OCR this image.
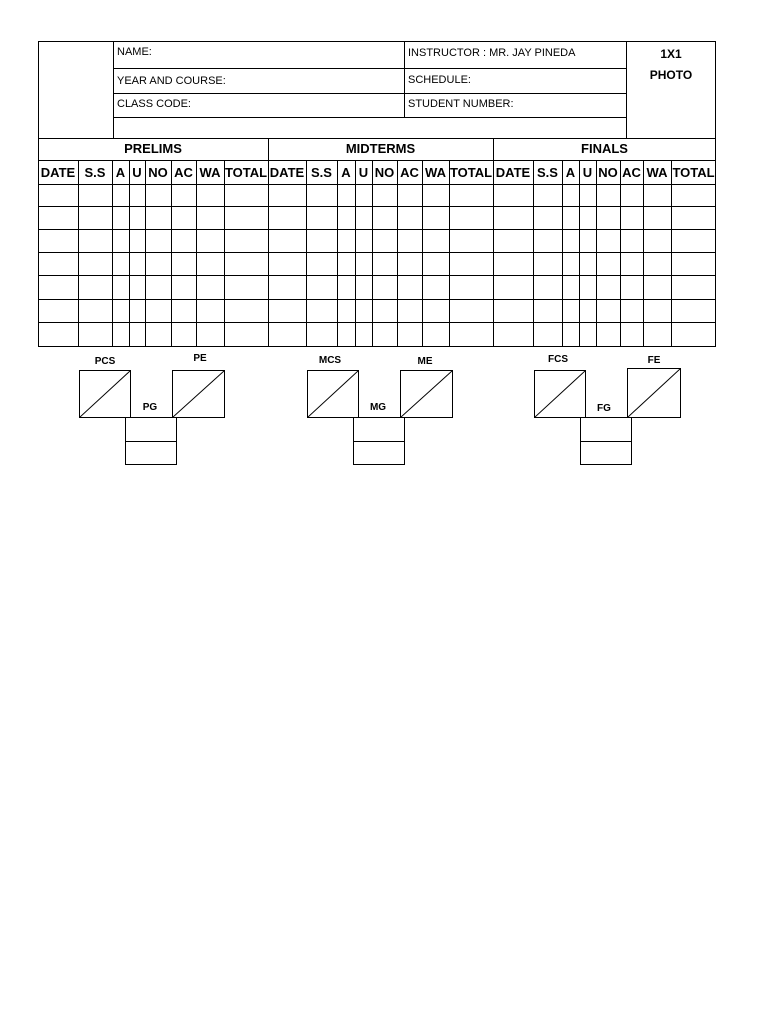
NAME:	INSTRUCTOR : MR. JAY PINEDA
YEAR AND COURSE:	SCHEDULE:
CLASS CODE:	STUDENT NUMBER:
1X1
PHOTO
PRELIMS	MIDTERMS	FINALS
DATE S.S A U NO AC WA TOTAL DATE S.S A U NO AC WA TOTAL DATE S.S A U NO AC WA TOTAL
PCS	PE
PG
MCS	ME
MG
FCS	FE
FG
